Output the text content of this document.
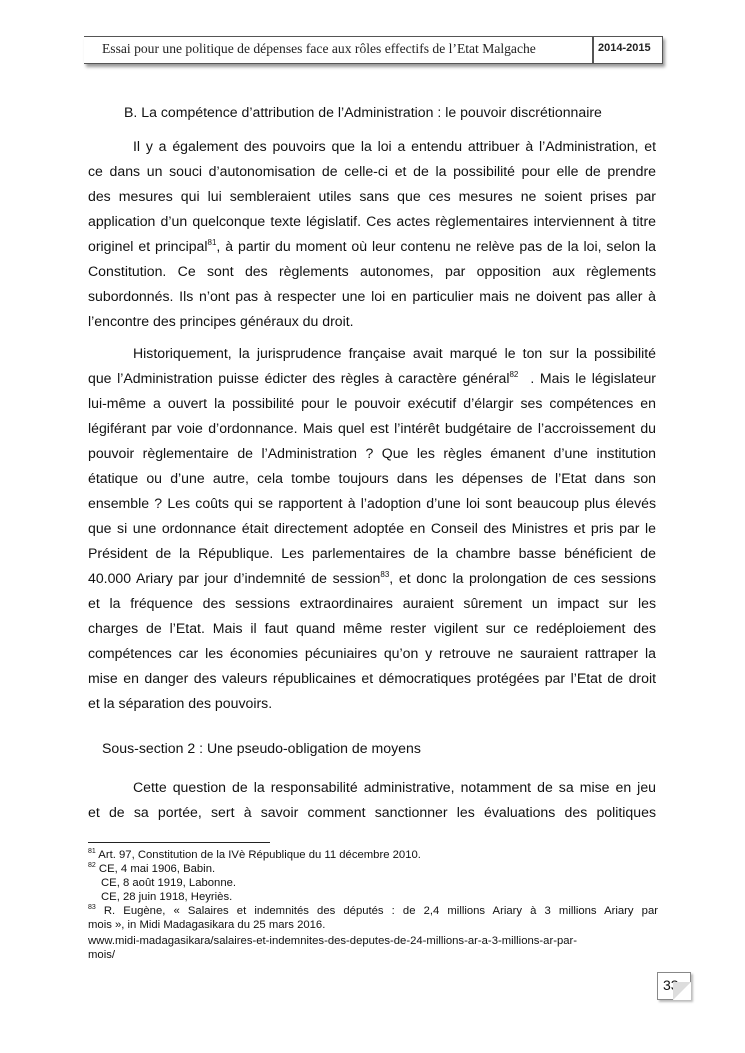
Essai pour une politique de dépenses face aux rôles effectifs de l’Etat Malgache	2014-2015
B. La compétence d’attribution de l’Administration : le pouvoir discrétionnaire
Il y a également des pouvoirs que la loi a entendu attribuer à l’Administration, et
ce dans un souci d’autonomisation de celle-ci et de la possibilité pour elle de prendre
des mesures qui lui sembleraient utiles sans que ces mesures ne soient prises par
application d’un quelconque texte législatif. Ces actes règlementaires interviennent à titre
originel et principal$^{81}$, à partir du moment où leur contenu ne relève pas de la loi, selon la
Constitution. Ce sont des règlements autonomes, par opposition aux règlements
subordonnés. Ils n’ont pas à respecter une loi en particulier mais ne doivent pas aller à
l’encontre des principes généraux du droit.
Historiquement, la jurisprudence française avait marqué le ton sur la possibilité
que l’Administration puisse édicter des règles à caractère général$^{82}$ . Mais le législateur
lui-même a ouvert la possibilité pour le pouvoir exécutif d’élargir ses compétences en
légiférant par voie d’ordonnance. Mais quel est l’intérêt budgétaire de l’accroissement du
pouvoir règlementaire de l’Administration ? Que les règles émanent d’une institution
étatique ou d’une autre, cela tombe toujours dans les dépenses de l’Etat dans son
ensemble ? Les coûts qui se rapportent à l’adoption d’une loi sont beaucoup plus élevés
que si une ordonnance était directement adoptée en Conseil des Ministres et pris par le
Président de la République. Les parlementaires de la chambre basse bénéficient de
40.000 Ariary par jour d’indemnité de session$^{83}$, et donc la prolongation de ces sessions
et la fréquence des sessions extraordinaires auraient sûrement un impact sur les
charges de l’Etat. Mais il faut quand même rester vigilent sur ce redéploiement des
compétences car les économies pécuniaires qu’on y retrouve ne sauraient rattraper la
mise en danger des valeurs républicaines et démocratiques protégées par l’Etat de droit
et la séparation des pouvoirs.
Sous-section 2 : Une pseudo-obligation de moyens
Cette question de la responsabilité administrative, notamment de sa mise en jeu
et de sa portée, sert à savoir comment sanctionner les évaluations des politiques
$^{81}$ Art. 97, Constitution de la IVè République du 11 décembre 2010.
$^{82}$ CE, 4 mai 1906, Babin.
CE, 8 août 1919, Labonne.
CE, 28 juin 1918, Heyriès.
$^{83}$ R. Eugène, « Salaires et indemnités des députés : de 2,4 millions Ariary à 3 millions Ariary par
mois », in Midi Madagasikara du 25 mars 2016.
www.midi-madagasikara/salaires-et-indemnites-des-deputes-de-24-millions-ar-a-3-millions-ar-par-
mois/
33
